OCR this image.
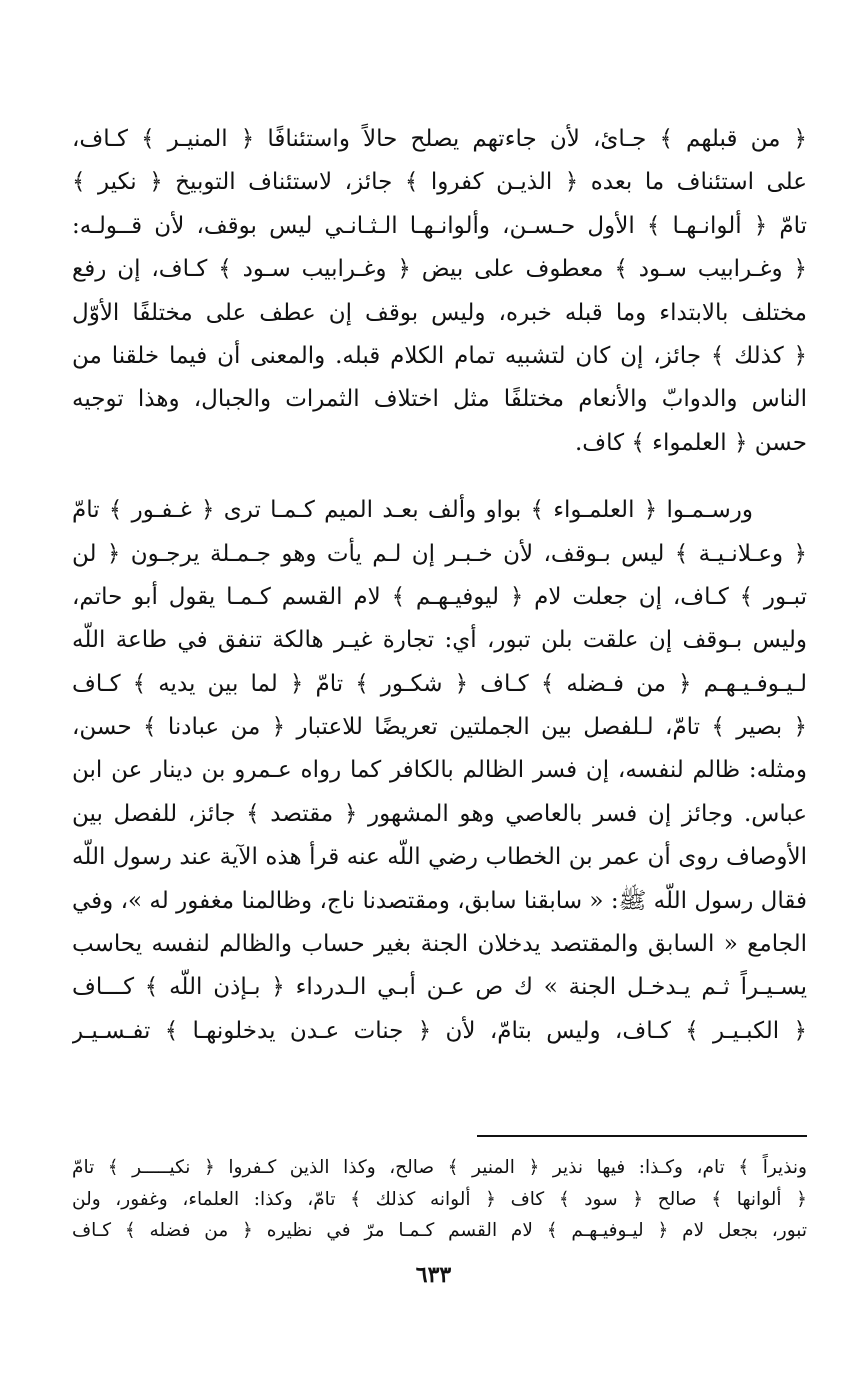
﴿ من قبلهم ﴾ جـائ، لأن جاءتهم يصلح حالاً واستئنافًا ﴿ المنيـر ﴾ كـاف،
على استئناف ما بعده ﴿ الذيـن كفروا ﴾ جائز، لاستئناف التوبيخ ﴿ نكير ﴾
تامّ ﴿ ألوانـهـا ﴾ الأول حـسـن، وألوانـهـا الـثـانـي ليس بوقف، لأن قــولـه:
﴿ وغـرابيب سـود ﴾ معطوف على بيض ﴿ وغـرابيب سـود ﴾ كـاف، إن رفع
مختلف بالابتداء وما قبله خبره، وليس بوقف إن عطف على مختلفًا الأوّل
﴿ كذلك ﴾ جائز، إن كان لتشبيه تمام الكلام قبله. والمعنى أن فيما خلقنا من
الناس والدوابّ والأنعام مختلفًا مثل اختلاف الثمرات والجبال، وهذا توجيه
حسن ﴿ العلمواء ﴾ كاف.
ورسـمـوا ﴿ العلمـواء ﴾ بواو وألف بعـد الميم كـمـا ترى ﴿ غـفـور ﴾ تامّ
﴿ وعـلانـيـة ﴾ ليس بـوقف، لأن خـبـر إن لـم يأت وهو جـمـلة يرجـون ﴿ لن
تبـور ﴾ كـاف، إن جعلت لام ﴿ ليوفيـهـم ﴾ لام القسم كـمـا يقول أبو حاتم،
وليس بـوقف إن علقت بلن تبور، أي: تجارة غيـر هالكة تنفق في طاعة اللّه
لـيـوفـيـهـم ﴿ من فـضله ﴾ كـاف ﴿ شكـور ﴾ تامّ ﴿ لما بين يديه ﴾ كـاف
﴿ بصير ﴾ تامّ، لـلفصل بين الجملتين تعريضًا للاعتبار ﴿ من عبادنا ﴾ حسن،
ومثله: ظالم لنفسه، إن فسر الظالم بالكافر كما رواه عـمرو بن دينار عن ابن
عباس. وجائز إن فسر بالعاصي وهو المشهور ﴿ مقتصد ﴾ جائز، للفصل بين
الأوصاف روى أن عمر بن الخطاب رضي اللّه عنه قرأ هذه الآية عند رسول اللّه
فقال رسول اللّه ﷺ: « سابقنا سابق، ومقتصدنا ناج، وظالمنا مغفور له »، وفي
الجامع « السابق والمقتصد يدخلان الجنة بغير حساب والظالم لنفسه يحاسب
يسـيـراً ثـم يـدخـل الجنة » ك ص عـن أبـي الـدرداء ﴿ بـإذن اللّه ﴾ كـــاف
﴿ الكبـيـر ﴾ كـاف، وليس بتامّ، لأن ﴿ جنات عـدن يدخلونهـا ﴾ تفـسـيـر
ونذيراً ﴾ تام، وكـذا: فيها نذير ﴿ المنير ﴾ صالح، وكذا الذين كـفروا ﴿ نكيـــــر ﴾ تامّ
﴿ ألوانها ﴾ صالح ﴿ سود ﴾ كاف ﴿ ألوانه كذلك ﴾ تامّ، وكذا: العلماء، وغفور، ولن
تبور، بجعل لام ﴿ ليـوفيـهـم ﴾ لام القسم كـمـا مرّ في نظيره ﴿ من فضله ﴾ كـاف
٦٣٣
